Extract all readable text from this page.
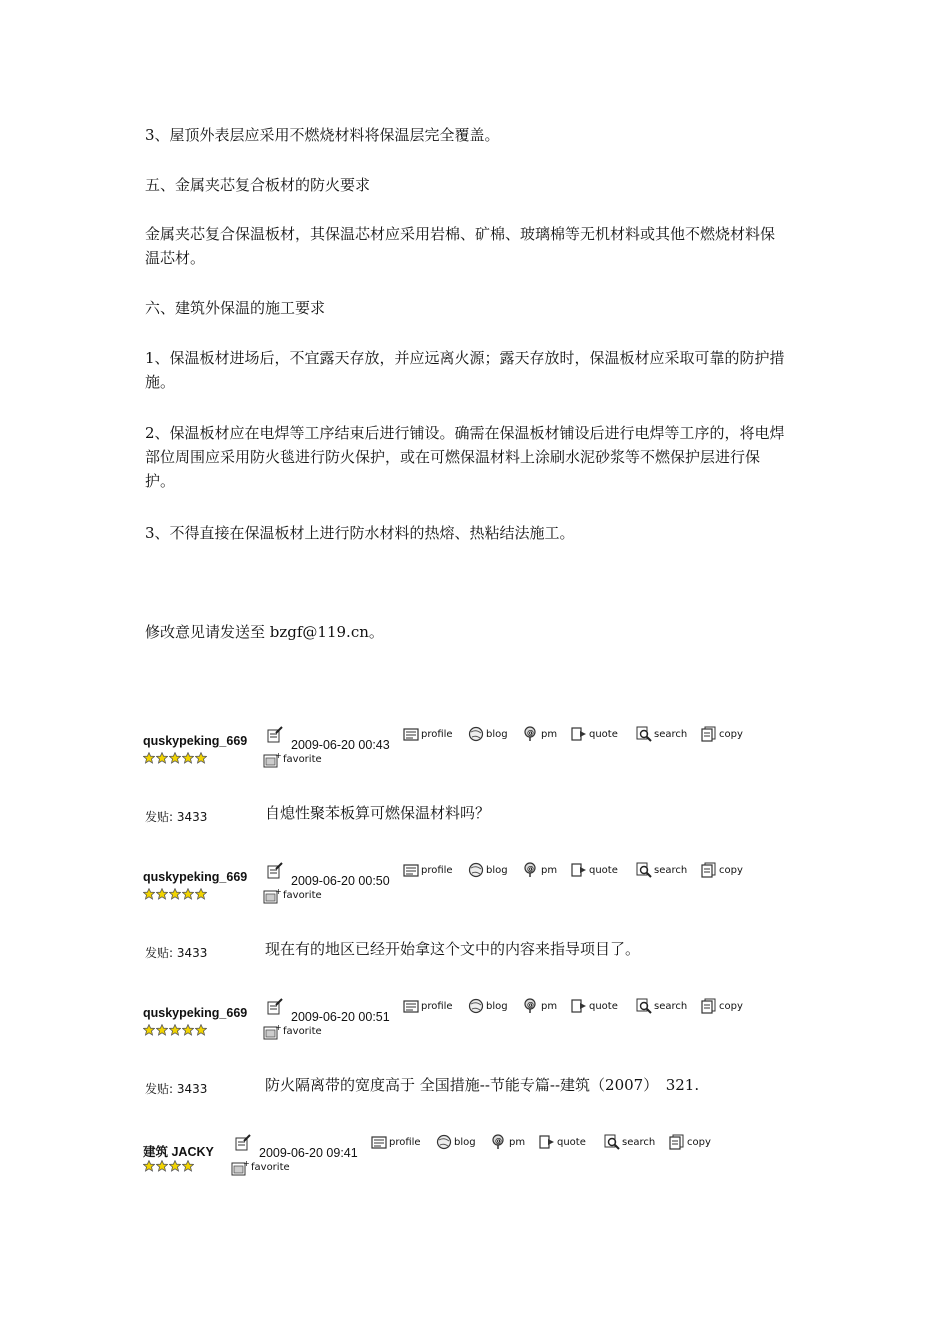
3、屋顶外表层应采用不燃烧材料将保温层完全覆盖。
五、金属夹芯复合板材的防火要求
金属夹芯复合保温板材，其保温芯材应采用岩棉、矿棉、玻璃棉等无机材料或其他不燃烧材料保温芯材。
六、建筑外保温的施工要求
1、保温板材进场后，不宜露天存放，并应远离火源；露天存放时，保温板材应采取可靠的防护措施。
2、保温板材应在电焊等工序结束后进行铺设。确需在保温板材铺设后进行电焊等工序的，将电焊部位周围应采用防火毯进行防火保护，或在可燃保温材料上涂刷水泥砂浆等不燃保护层进行保护。
3、不得直接在保温板材上进行防水材料的热熔、热粘结法施工。
修改意见请发送至 bzgf@119.cn。
quskypeking_669	2009-06-20 00:43
favorite
profile	blog	pm	quote	search	copy
发贴: 3433	自熄性聚苯板算可燃保温材料吗？
quskypeking_669	2009-06-20 00:50
favorite
profile	blog	pm	quote	search	copy
发贴: 3433	现在有的地区已经开始拿这个文中的内容来指导项目了。
quskypeking_669	2009-06-20 00:51
favorite
profile	blog	pm	quote	search	copy
发贴: 3433	防火隔离带的宽度高于 全国措施--节能专篇--建筑（2007）　321.
建筑 JACKY	2009-06-20 09:41
favorite
profile	blog	pm	quote	search	copy
